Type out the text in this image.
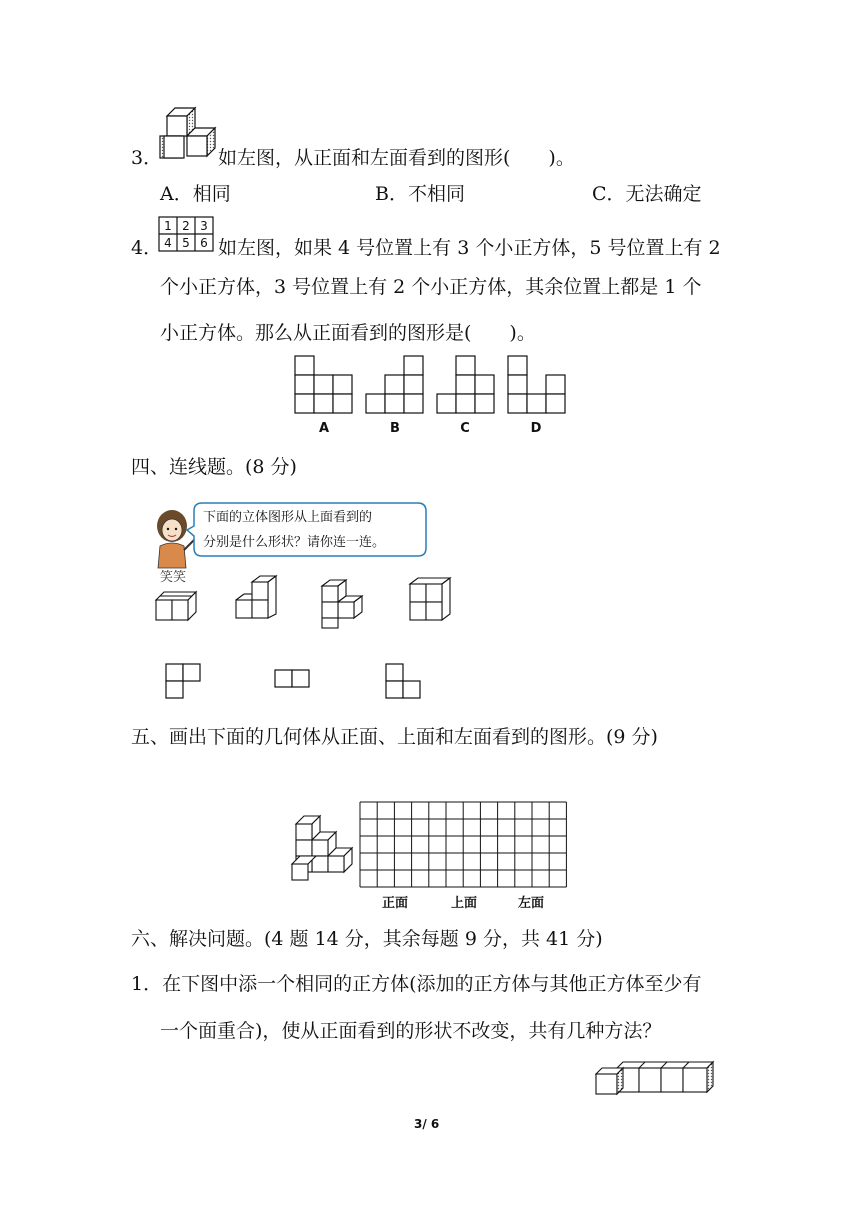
3．	如左图，从正面和左面看到的图形(　　)。
A．相同	B．不相同	C．无法确定
4．
1 2 3
4 5 6 如左图，如果 4 号位置上有 3 个小正方体，5 号位置上有 2
个小正方体，3 号位置上有 2 个小正方体，其余位置上都是 1 个
小正方体。那么从正面看到的图形是(　　)。
A	B	C	D
四、连线题。(8 分)
笑笑
下面的立体图形从上面看到的
分别是什么形状？请你连一连。
五、画出下面的几何体从正面、上面和左面看到的图形。(9 分)
正面	上面	左面
六、解决问题。(4 题 14 分，其余每题 9 分，共 41 分)
1．在下图中添一个相同的正方体(添加的正方体与其他正方体至少有
一个面重合)，使从正面看到的形状不改变，共有几种方法？
3/ 6
